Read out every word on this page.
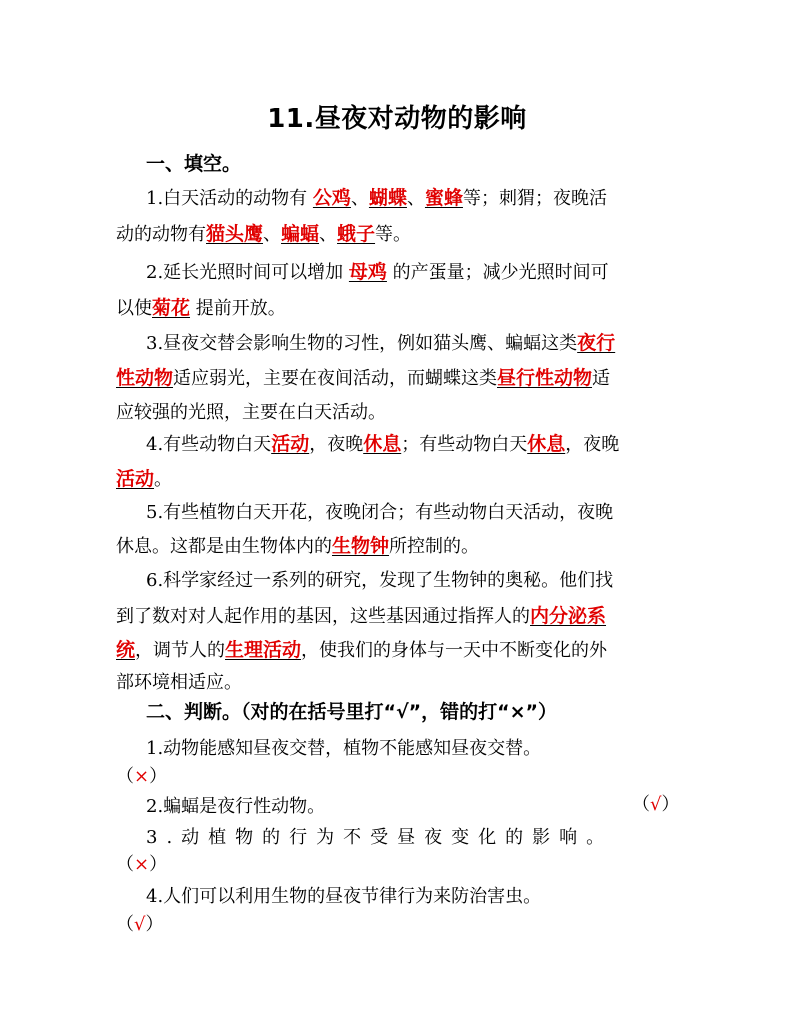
11.昼夜对动物的影响
一、填空。
1.白天活动的动物有 公鸡、蝴蝶、蜜蜂等；刺猬；夜晚活
动的动物有猫头鹰、蝙蝠、蛾子等。
2.延长光照时间可以增加 母鸡 的产蛋量；减少光照时间可
以使菊花 提前开放。
3.昼夜交替会影响生物的习性，例如猫头鹰、蝙蝠这类夜行
性动物适应弱光，主要在夜间活动，而蝴蝶这类昼行性动物适
应较强的光照，主要在白天活动。
4.有些动物白天活动，夜晚休息；有些动物白天休息，夜晚
活动。
5.有些植物白天开花，夜晚闭合；有些动物白天活动，夜晚
休息。这都是由生物体内的生物钟所控制的。
6.科学家经过一系列的研究，发现了生物钟的奥秘。他们找
到了数对对人起作用的基因，这些基因通过指挥人的内分泌系
统，调节人的生理活动，使我们的身体与一天中不断变化的外
部环境相适应。
二、判断。（对的在括号里打“√”，错的打“×”）
1.动物能感知昼夜交替，植物不能感知昼夜交替。
（×）
2.蝙蝠是夜行性动物。	（√）
3.动植物的行为不受昼夜变化的影响。
（×）
4.人们可以利用生物的昼夜节律行为来防治害虫。
（√）
